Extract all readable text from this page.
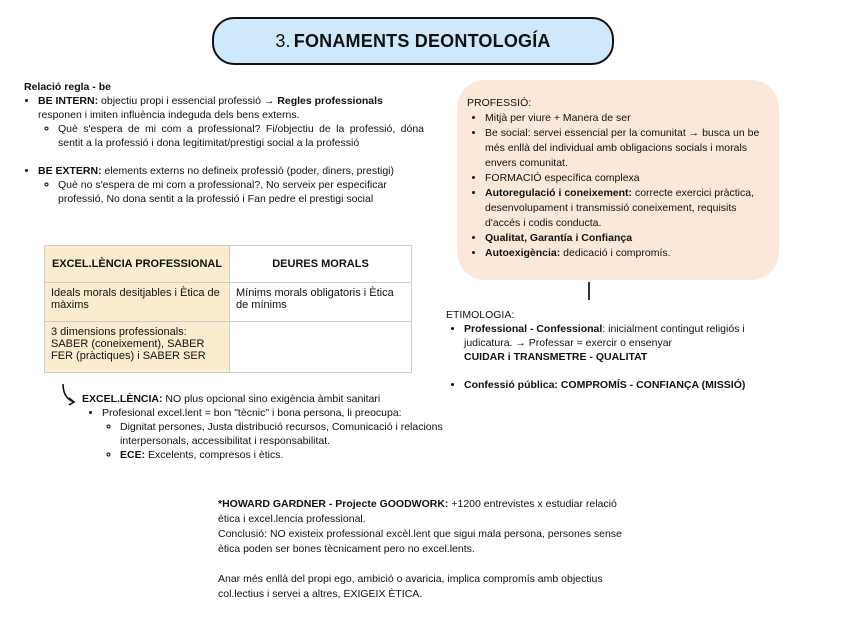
3. FONAMENTS DEONTOLOGÍA
Relació regla - be
• BE INTERN: objectiu propi i essencial professió → Regles professionals responen i imiten influència indeguda dels bens externs.
◦ Què s'espera de mi com a professional? Fi/objectiu de la professió, dóna sentit a la professió i dona legitimitat/prestigi social a la professió
• BE EXTERN: elements externs no defineix professió (poder, diners, prestigi)
◦ Què no s'espera de mi com a professional?, No serveix per especificar professió, No dona sentit a la professió i Fan pedre el prestigi social
EXCEL.LÈNCIA PROFESSIONAL	DEURES MORALS
Ideals morals desitjables i Ètica de màxims	Mínims morals obligatoris i Ètica de mínims
3 dimensions professionals: SABER (coneixement), SABER FER (pràctiques) i SABER SER	
EXCEL.LÈNCIA: NO plus opcional sino exigència àmbit sanitari
• Profesional excel.lent = bon "tècnic" i bona persona, li preocupa:
◦ Dignitat persones, Justa distribució recursos, Comunicació i relacions interpersonals, accessibilitat i responsabilitat.
◦ ECE: Excelents, compresos i ètics.
PROFESSIÓ:
• Mitjà per viure + Manera de ser
• Be social: servei essencial per la comunitat → busca un be més enllà del individual amb obligacions socials i morals envers comunitat.
• FORMACIÓ específica complexa
• Autoregulació i coneixement: correcte exercici pràctica, desenvolupament i transmissió coneixement, requisits d'accés i codis conducta.
• Qualitat, Garantía i Confiança
• Autoexigència: dedicació i compromís.
ETIMOLOGIA:
• Professional - Confessional: inicialment contingut religiós i judicatura. → Professar = exercir o ensenyar
CUIDAR i TRANSMETRE - QUALITAT
• Confessió pública: COMPROMÍS - CONFIANÇA (MISSIÓ)
*HOWARD GARDNER - Projecte GOODWORK: +1200 entrevistes x estudiar relació ètica i excel.lencia professional.
Conclusió: NO existeix professional excèl.lent que sigui mala persona, persones sense ètica poden ser bones tècnicament pero no excel.lents.
Anar més enllà del propi ego, ambició o avaricia, implica compromís amb objectius col.lectius i servei a altres, EXIGEIX ÈTICA.
